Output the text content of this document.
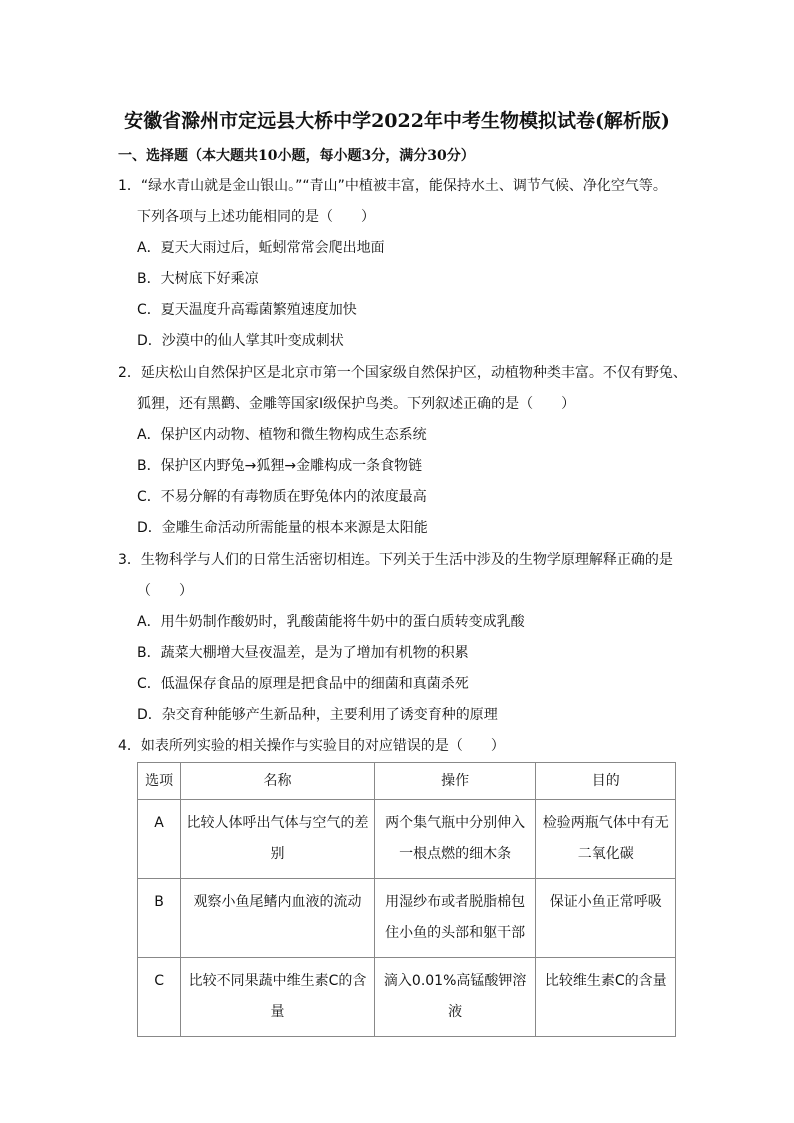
安徽省滁州市定远县大桥中学2022年中考生物模拟试卷(解析版)
一、选择题（本大题共10小题，每小题3分，满分30分）
1．“绿水青山就是金山银山。”“青山”中植被丰富，能保持水土、调节气候、净化空气等。
下列各项与上述功能相同的是（　　）
A．夏天大雨过后，蚯蚓常常会爬出地面
B．大树底下好乘凉
C．夏天温度升高霉菌繁殖速度加快
D．沙漠中的仙人掌其叶变成刺状
2．延庆松山自然保护区是北京市第一个国家级自然保护区，动植物种类丰富。不仅有野兔、
狐狸，还有黑鹳、金雕等国家Ⅰ级保护鸟类。下列叙述正确的是（　　）
A．保护区内动物、植物和微生物构成生态系统
B．保护区内野兔→狐狸→金雕构成一条食物链
C．不易分解的有毒物质在野兔体内的浓度最高
D．金雕生命活动所需能量的根本来源是太阳能
3．生物科学与人们的日常生活密切相连。下列关于生活中涉及的生物学原理解释正确的是
（　　）
A．用牛奶制作酸奶时，乳酸菌能将牛奶中的蛋白质转变成乳酸
B．蔬菜大棚增大昼夜温差，是为了增加有机物的积累
C．低温保存食品的原理是把食品中的细菌和真菌杀死
D．杂交育种能够产生新品种，主要利用了诱变育种的原理
4．如表所列实验的相关操作与实验目的对应错误的是（　　）
选项	名称	操作	目的
A	比较人体呼出气体与空气的差别	两个集气瓶中分别伸入一根点燃的细木条	检验两瓶气体中有无二氧化碳
B	观察小鱼尾鳍内血液的流动	用湿纱布或者脱脂棉包住小鱼的头部和躯干部	保证小鱼正常呼吸
C	比较不同果蔬中维生素C的含量	滴入0.01%高锰酸钾溶液	比较维生素C的含量
